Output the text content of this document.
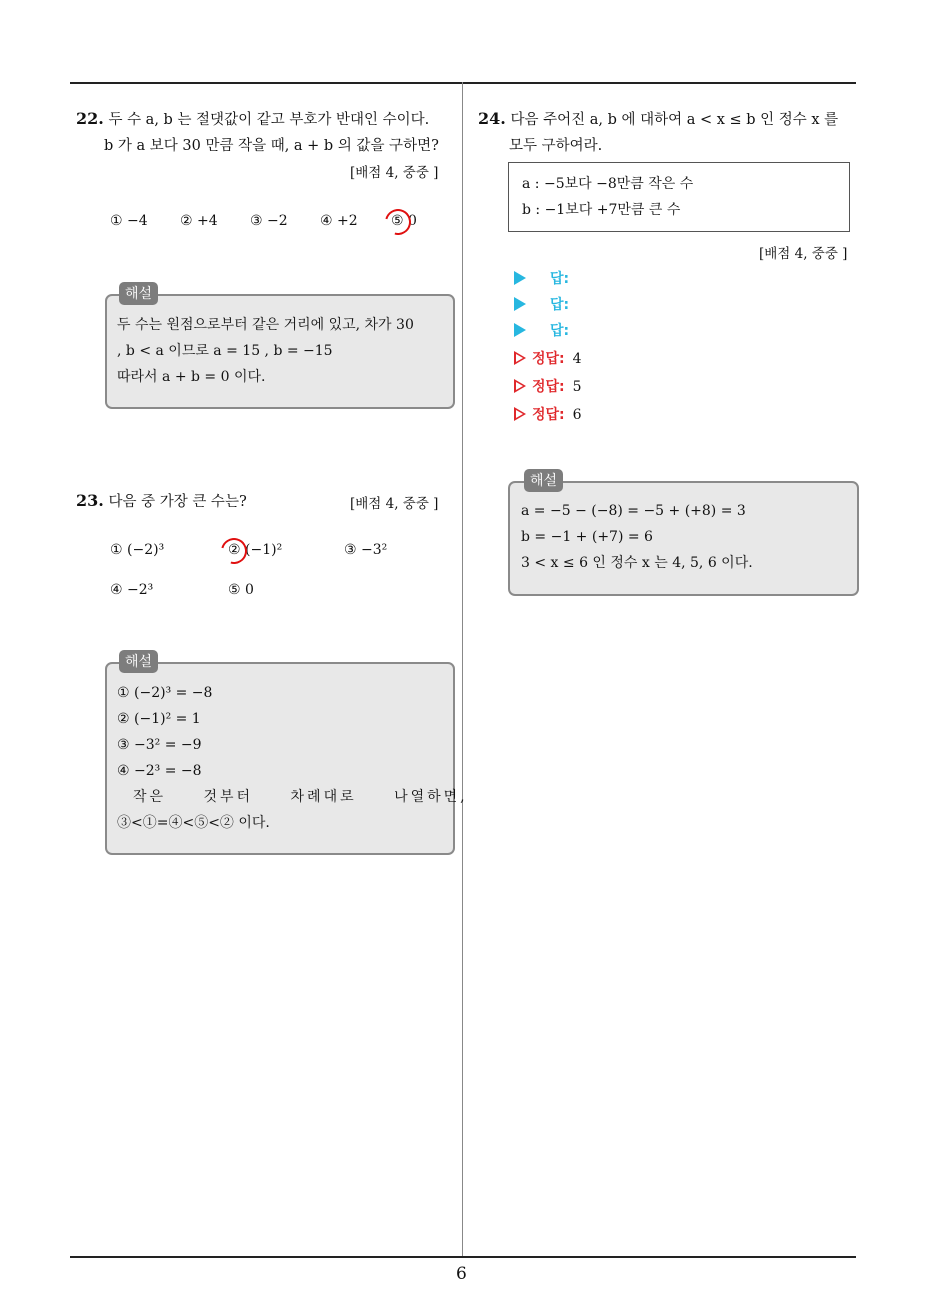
6
22. 두 수 a, b 는 절댓값이 같고 부호가 반대인 수이다.
b 가 a 보다 30 만큼 작을 때, a + b 의 값을 구하면?
[배점 4, 중중 ]
① −4 ② +4 ③ −2 ④ +2 ⑤ 0
해설
두 수는 원점으로부터 같은 거리에 있고, 차가 30
, b < a 이므로 a = 15 , b = −15
따라서 a + b = 0 이다.
23. 다음 중 가장 큰 수는?	[배점 4, 중중 ]
① (−2)³	② (−1)²	③ −3²
④ −2³	⑤ 0
해설
① (−2)³ = −8
② (−1)² = 1
③ −3² = −9
④ −2³ = −8
작은 것부터 차례대로 나열하면,
③<①=④<⑤<② 이다.
24. 다음 주어진 a, b 에 대하여 a < x ≤ b 인 정수 x 를
모두 구하여라.
a : −5보다 −8만큼 작은 수
b : −1보다 +7만큼 큰 수
[배점 4, 중중 ]
답:
답:
답:
정답: 4
정답: 5
정답: 6
해설
a = −5 − (−8) = −5 + (+8) = 3
b = −1 + (+7) = 6
3 < x ≤ 6 인 정수 x 는 4, 5, 6 이다.
